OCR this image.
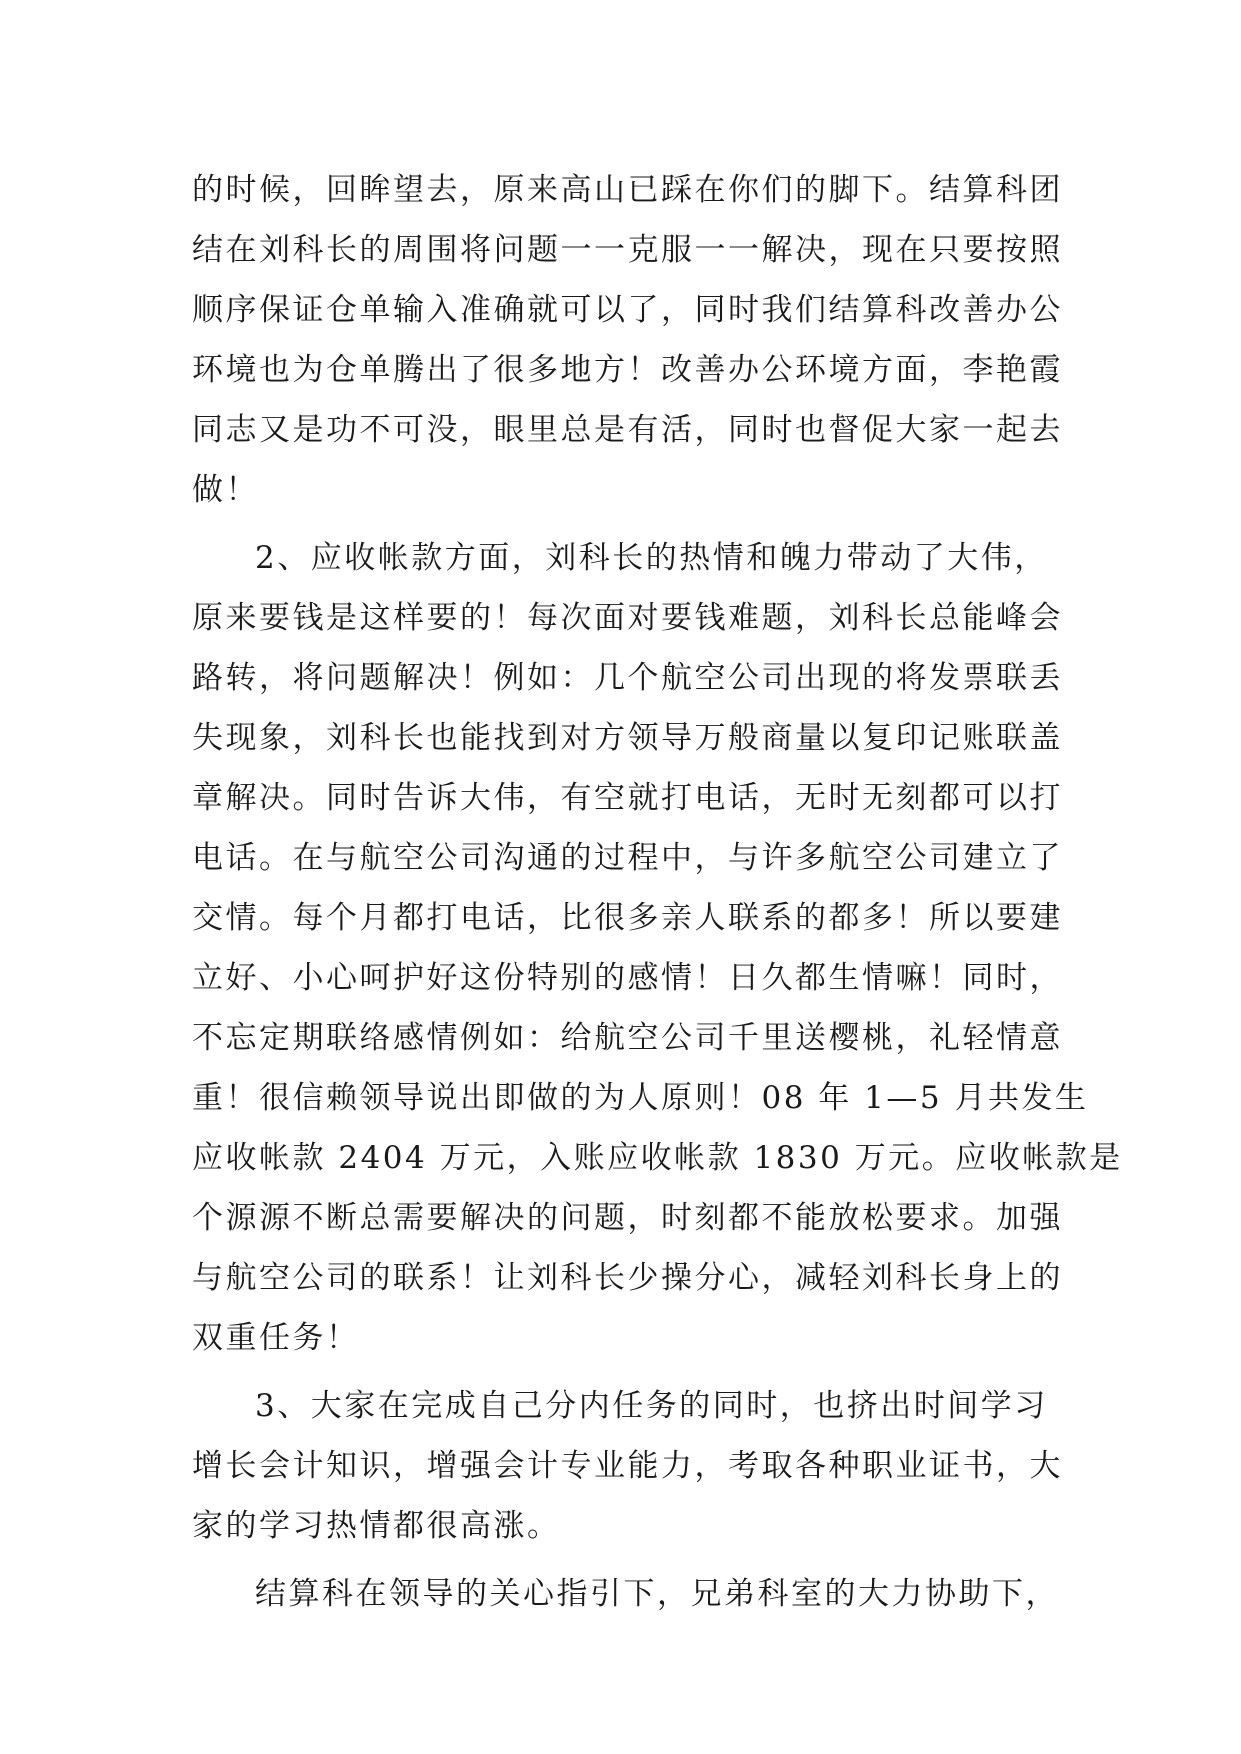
的时候，回眸望去，原来高山已踩在你们的脚下。结算科团
结在刘科长的周围将问题一一克服一一解决，现在只要按照
顺序保证仓单输入准确就可以了，同时我们结算科改善办公
环境也为仓单腾出了很多地方！改善办公环境方面，李艳霞
同志又是功不可没，眼里总是有活，同时也督促大家一起去
做！
2、应收帐款方面，刘科长的热情和魄力带动了大伟，
原来要钱是这样要的！每次面对要钱难题，刘科长总能峰会
路转，将问题解决！例如：几个航空公司出现的将发票联丢
失现象，刘科长也能找到对方领导万般商量以复印记账联盖
章解决。同时告诉大伟，有空就打电话，无时无刻都可以打
电话。在与航空公司沟通的过程中，与许多航空公司建立了
交情。每个月都打电话，比很多亲人联系的都多！所以要建
立好、小心呵护好这份特别的感情！日久都生情嘛！同时，
不忘定期联络感情例如：给航空公司千里送樱桃，礼轻情意
重！很信赖领导说出即做的为人原则！08 年 1—5 月共发生
应收帐款 2404 万元，入账应收帐款 1830 万元。应收帐款是
个源源不断总需要解决的问题，时刻都不能放松要求。加强
与航空公司的联系！让刘科长少操分心，减轻刘科长身上的
双重任务！
3、大家在完成自己分内任务的同时，也挤出时间学习
增长会计知识，增强会计专业能力，考取各种职业证书，大
家的学习热情都很高涨。
结算科在领导的关心指引下，兄弟科室的大力协助下，
